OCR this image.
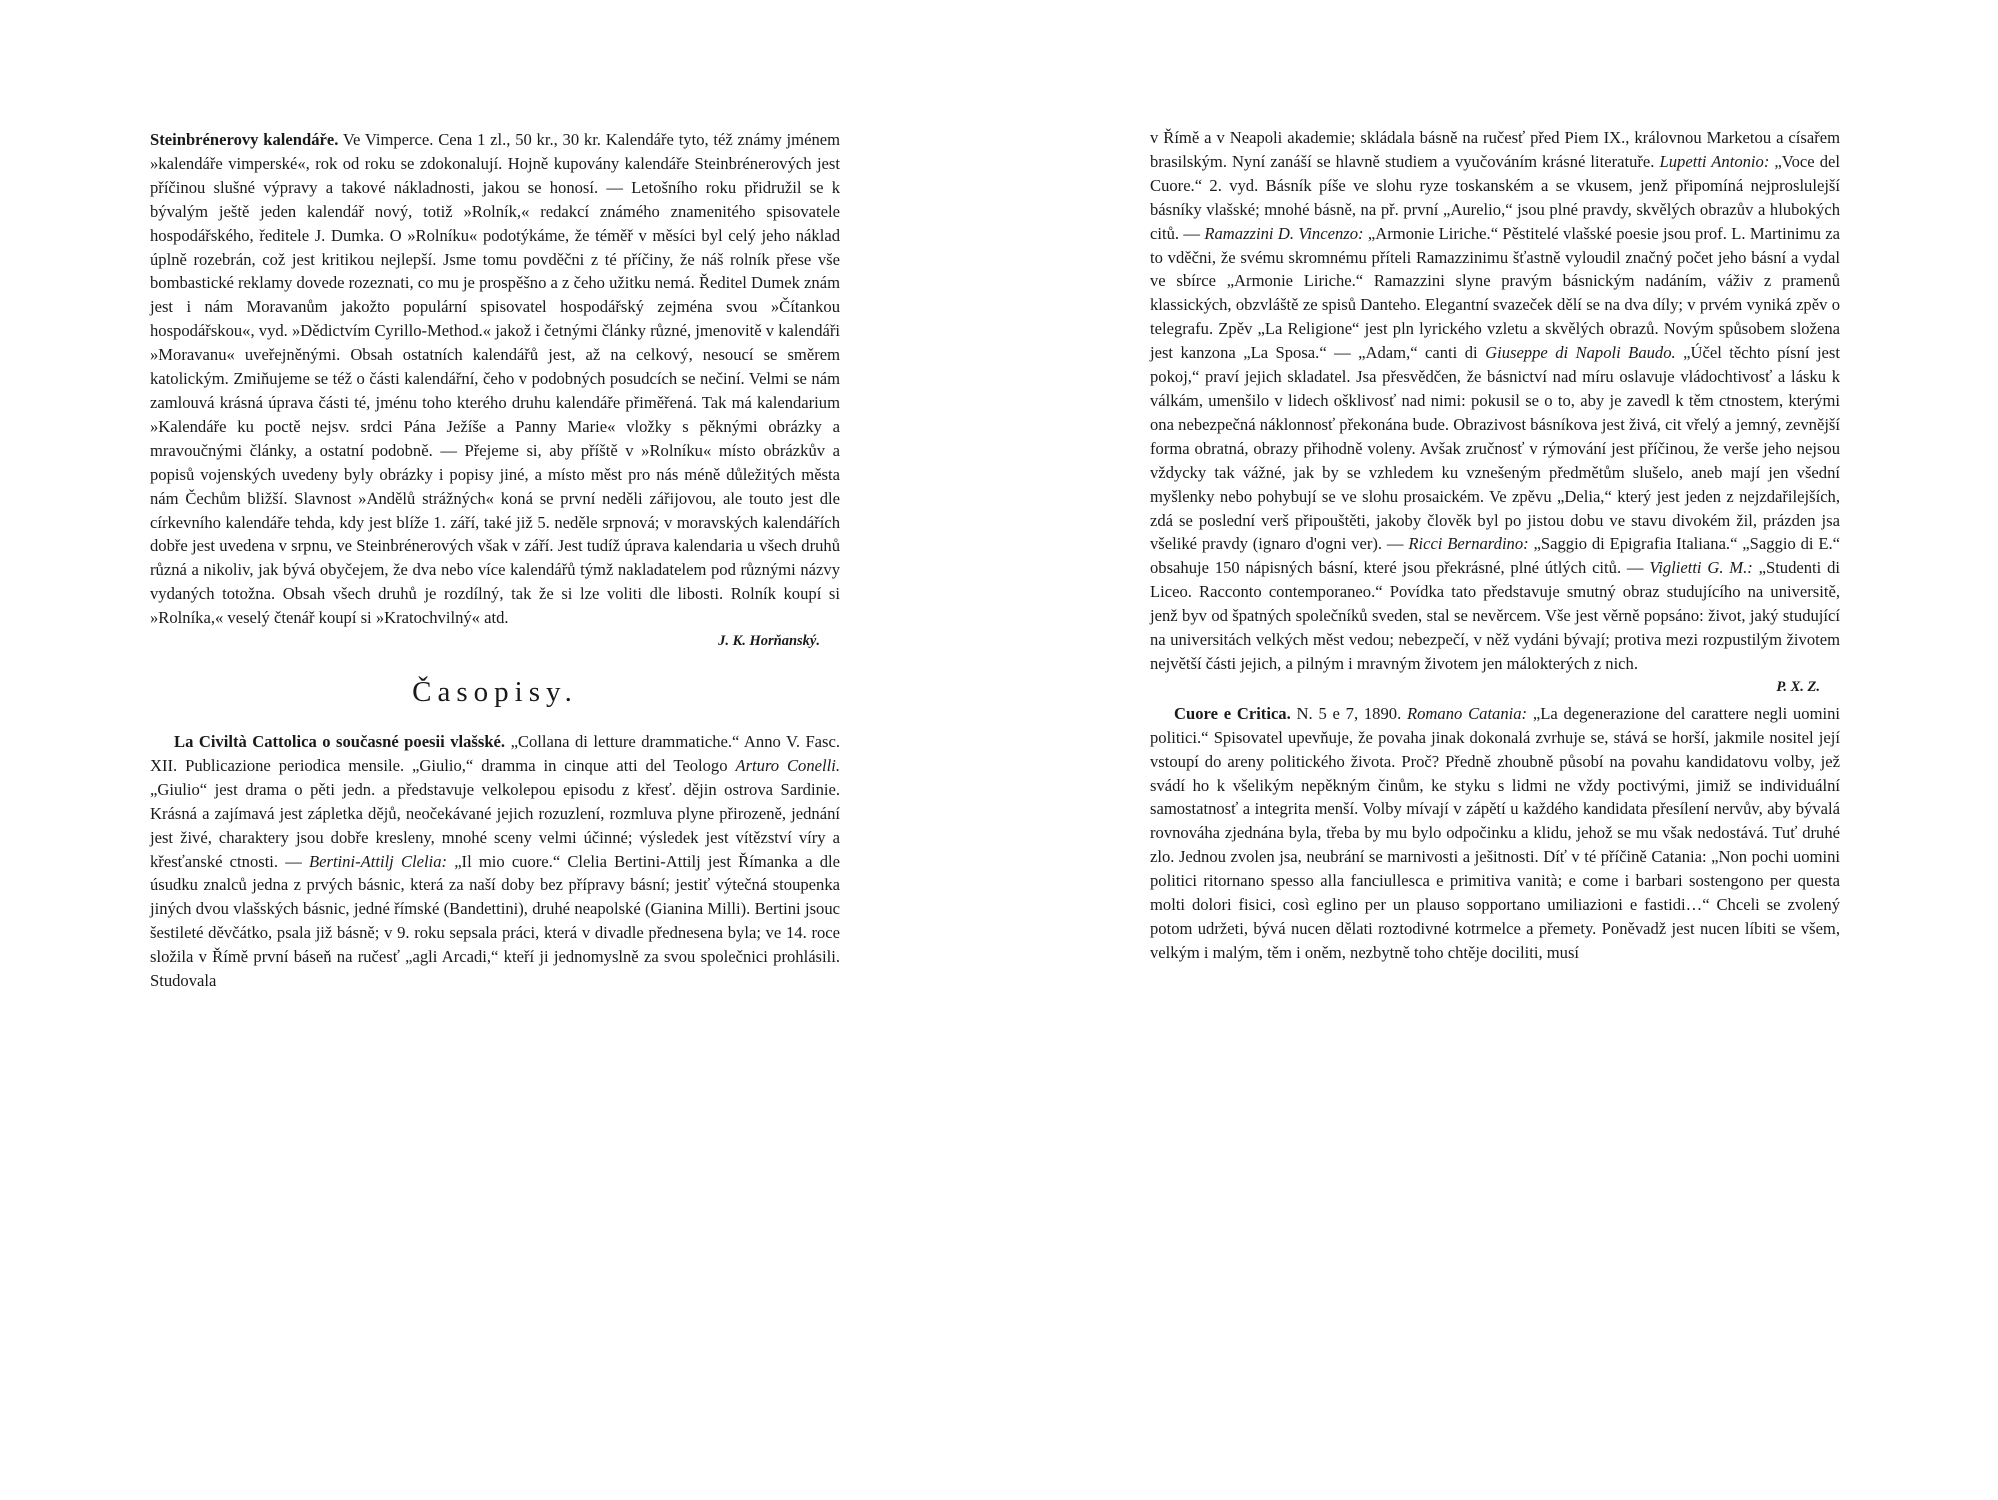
Steinbrénerovy kalendáře. Ve Vimperce. Cena 1 zl., 50 kr., 30 kr. Kalendáře tyto, též známy jménem »kalendáře vimperské«, rok od roku se zdokonalují. Hojně kupovány kalendáře Steinbrénerových jest příčinou slušné výpravy a takové nákladnosti, jakou se honosí. — Letošního roku přidružil se k bývalým ještě jeden kalendář nový, totiž »Rolník,« redakcí známého znamenitého spisovatele hospodářského, ředitele J. Dumka. O »Rolníku« podotýkáme, že téměř v měsíci byl celý jeho náklad úplně rozebrán, což jest kritikou nejlepší. Jsme tomu povděčni z té příčiny, že náš rolník přese vše bombastické reklamy dovede rozeznati, co mu je prospěšno a z čeho užitku nemá. Ředitel Dumek znám jest i nám Moravanům jakožto populární spisovatel hospodářský zejména svou »Čítankou hospodářskou«, vyd. »Dědictvím Cyrillo-Method.« jakož i četnými články různé, jmenovitě v kalendáři »Moravanu« uveřejněnými. Obsah ostatních kalendářů jest, až na celkový, nesoucí se směrem katolickým. Zmiňujeme se též o části kalendářní, čeho v podobných posudcích se nečiní. Velmi se nám zamlouvá krásná úprava části té, jménu toho kterého druhu kalendáře přiměřená. Tak má kalendarium »Kalendáře ku poctě nejsv. srdci Pána Ježíše a Panny Marie« vložky s pěknými obrázky a mravoučnými články, a ostatní podobně. — Přejeme si, aby příště v »Rolníku« místo obrázkův a popisů vojenských uvedeny byly obrázky i popisy jiné, a místo měst pro nás méně důležitých města nám Čechům bližší. Slavnost »Andělů strážných« koná se první neděli zářijovou, ale touto jest dle církevního kalendáře tehda, kdy jest blíže 1. září, také již 5. neděle srpnová; v moravských kalendářích dobře jest uvedena v srpnu, ve Steinbrénerových však v září. Jest tudíž úprava kalendaria u všech druhů různá a nikoliv, jak bývá obyčejem, že dva nebo více kalendářů týmž nakladatelem pod různými názvy vydaných totožna. Obsah všech druhů je rozdílný, tak že si lze voliti dle libosti. Rolník koupí si »Rolníka,« veselý čtenář koupí si »Kratochvilný« atd.

J. K. Horňanský.
Časopisy.

La Civiltà Cattolica o současné poesii vlašské. „Collana di letture drammatiche.“ Anno V. Fasc. XII. Publicazione periodica mensile. „Giulio,“ dramma in cinque atti del Teologo Arturo Conelli. „Giulio“ jest drama o pěti jedn. a představuje velkolepou episodu z křesť. dějin ostrova Sardinie. Krásná a zajímavá jest zápletka dějů, neočekávané jejich rozuzlení, rozmluva plyne přirozeně, jednání jest živé, charaktery jsou dobře kresleny, mnohé sceny velmi účinné; výsledek jest vítězství víry a křesťanské ctnosti. — Bertini-Attilj Clelia: „Il mio cuore.“ Clelia Bertini-Attilj jest Římanka a dle úsudku znalců jedna z prvých básnic, která za naší doby bez přípravy básní; jestiť výtečná stoupenka jiných dvou vlašských básnic, jedné římské (Bandettini), druhé neapolské (Gianina Milli). Bertini jsouc šestileté děvčátko, psala již básně; v 9. roku sepsala práci, která v divadle přednesena byla; ve 14. roce složila v Římě první báseň na ručesť „agli Arcadi,“ kteří ji jednomyslně za svou společnici prohlásili. Studovala

v Římě a v Neapoli akademie; skládala básně na ručesť před Piem IX., královnou Marketou a císařem brasilským. Nyní zanáší se hlavně studiem a vyučováním krásné literatuře. Lupetti Antonio: „Voce del Cuore.“ 2. vyd. Básník píše ve slohu ryze toskanském a se vkusem, jenž připomíná nejproslulejší básníky vlašské; mnohé básně, na př. první „Aurelio,“ jsou plné pravdy, skvělých obrazův a hlubokých citů. — Ramazzini D. Vincenzo: „Armonie Liriche.“ Pěstitelé vlašské poesie jsou prof. L. Martinimu za to vděčni, že svému skromnému příteli Ramazzinimu šťastně vyloudil značný počet jeho básní a vydal ve sbírce „Armonie Liriche.“ Ramazzini slyne pravým básnickým nadáním, váživ z pramenů klassických, obzvláště ze spisů Danteho. Elegantní svazeček dělí se na dva díly; v prvém vyniká zpěv o telegrafu. Zpěv „La Religione“ jest pln lyrického vzletu a skvělých obrazů. Novým spůsobem složena jest kanzona „La Sposa.“ — „Adam,“ canti di Giuseppe di Napoli Baudo. „Účel těchto písní jest pokoj,“ praví jejich skladatel. Jsa přesvědčen, že básnictví nad míru oslavuje vládochtivosť a lásku k válkám, umenšilo v lidech ošklivosť nad nimi: pokusil se o to, aby je zavedl k těm ctnostem, kterými ona nebezpečná náklonnosť překonána bude. Obrazivost básníkova jest živá, cit vřelý a jemný, zevnější forma obratná, obrazy přihodně voleny. Avšak zručnosť v rýmování jest příčinou, že verše jeho nejsou vždycky tak vážné, jak by se vzhledem ku vznešeným předmětům slušelo, aneb mají jen všední myšlenky nebo pohybují se ve slohu prosaickém. Ve zpěvu „Delia,“ který jest jeden z nejzdařilejších, zdá se poslední verš připouštěti, jakoby člověk byl po jistou dobu ve stavu divokém žil, prázden jsa všeliké pravdy (ignaro d'ogni ver). — Ricci Bernardino: „Saggio di Epigrafia Italiana.“ „Saggio di E.“ obsahuje 150 nápisných básní, které jsou překrásné, plné útlých citů. — Viglietti G. M.: „Studenti di Liceo. Racconto contemporaneo.“ Povídka tato představuje smutný obraz studujícího na universitě, jenž byv od špatných společníků sveden, stal se nevěrcem. Vše jest věrně popsáno: život, jaký studující na universitách velkých měst vedou; nebezpečí, v něž vydáni bývají; protiva mezi rozpustilým životem největší části jejich, a pilným i mravným životem jen málokterých z nich.

P. X. Z.

Cuore e Critica. N. 5 e 7, 1890. Romano Catania: „La degenerazione del carattere negli uomini politici.“ Spisovatel upevňuje, že povaha jinak dokonalá zvrhuje se, stává se horší, jakmile nositel její vstoupí do areny politického života. Proč? Předně zhoubně působí na povahu kandidatovu volby, jež svádí ho k všelikým nepěkným činům, ke styku s lidmi ne vždy poctivými, jimiž se individuální samostatnosť a integrita menší. Volby mívají v zápětí u každého kandidata přesílení nervův, aby bývalá rovnováha zjednána byla, třeba by mu bylo odpočinku a klidu, jehož se mu však nedostává. Tuť druhé zlo. Jednou zvolen jsa, neubrání se marnivosti a ješitnosti. Díť v té příčině Catania: „Non pochi uomini politici ritornano spesso alla fanciullesca e primitiva vanità; e come i barbari sostengono per questa molti dolori fisici, così eglino per un plauso sopportano umiliazioni e fastidi…“ Chceli se zvolený potom udržeti, bývá nucen dělati roztodivné kotrmelce a přemety. Poněvadž jest nucen líbiti se všem, velkým i malým, těm i oněm, nezbytně toho chtěje dociliti, musí
